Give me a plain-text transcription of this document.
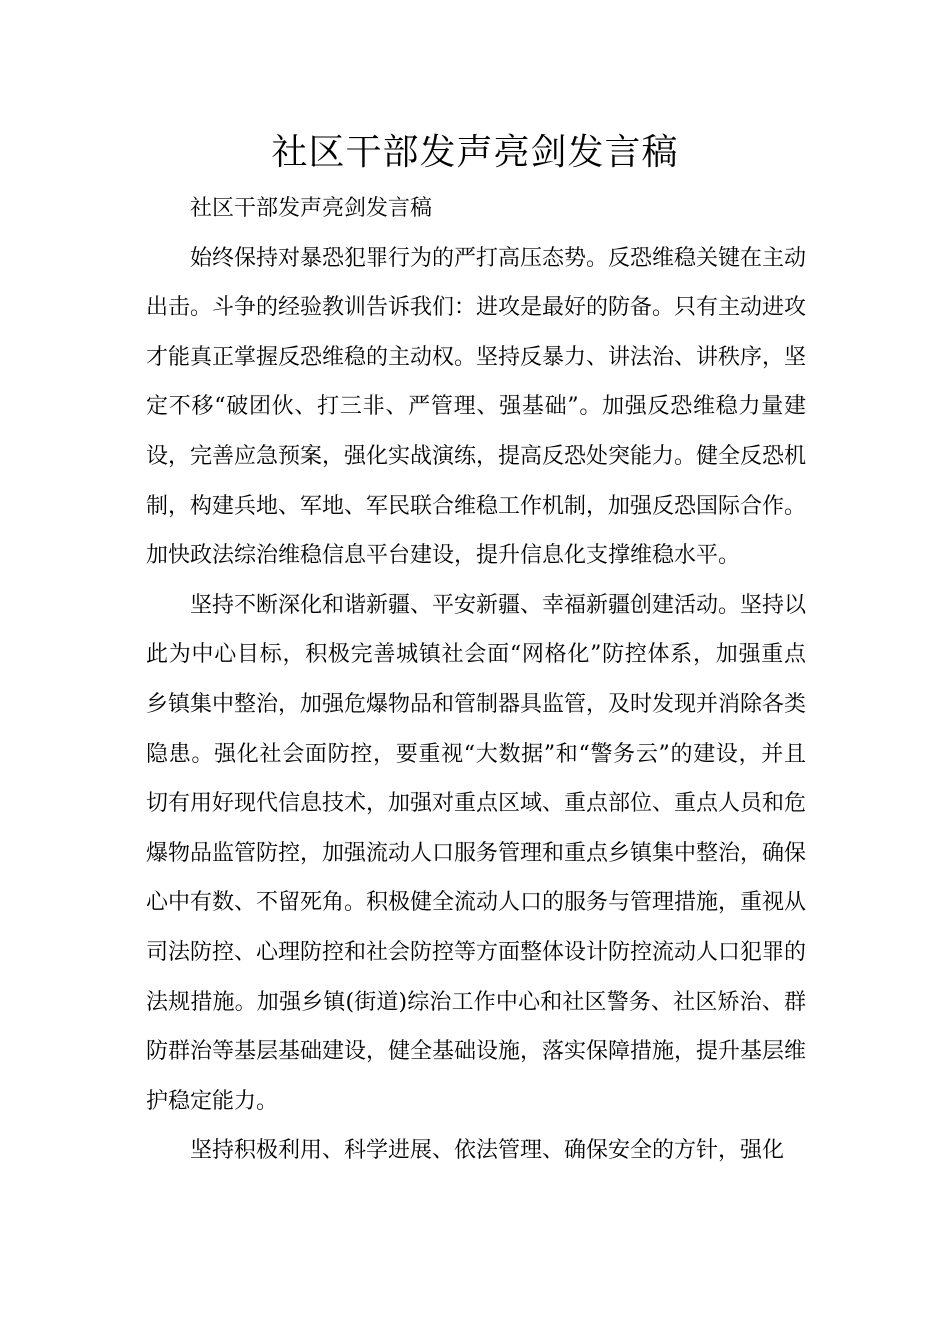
社区干部发声亮剑发言稿

社区干部发声亮剑发言稿

始终保持对暴恐犯罪行为的严打高压态势。反恐维稳关键在主动出击。斗争的经验教训告诉我们：进攻是最好的防备。只有主动进攻才能真正掌握反恐维稳的主动权。坚持反暴力、讲法治、讲秩序，坚定不移“破团伙、打三非、严管理、强基础”。加强反恐维稳力量建设，完善应急预案，强化实战演练，提高反恐处突能力。健全反恐机制，构建兵地、军地、军民联合维稳工作机制，加强反恐国际合作。加快政法综治维稳信息平台建设，提升信息化支撑维稳水平。

坚持不断深化和谐新疆、平安新疆、幸福新疆创建活动。坚持以此为中心目标，积极完善城镇社会面“网格化”防控体系，加强重点乡镇集中整治，加强危爆物品和管制器具监管，及时发现并消除各类隐患。强化社会面防控，要重视“大数据”和“警务云”的建设，并且切有用好现代信息技术，加强对重点区域、重点部位、重点人员和危爆物品监管防控，加强流动人口服务管理和重点乡镇集中整治，确保心中有数、不留死角。积极健全流动人口的服务与管理措施，重视从司法防控、心理防控和社会防控等方面整体设计防控流动人口犯罪的法规措施。加强乡镇(街道)综治工作中心和社区警务、社区矫治、群防群治等基层基础建设，健全基础设施，落实保障措施，提升基层维护稳定能力。

坚持积极利用、科学进展、依法管理、确保安全的方针，强化
